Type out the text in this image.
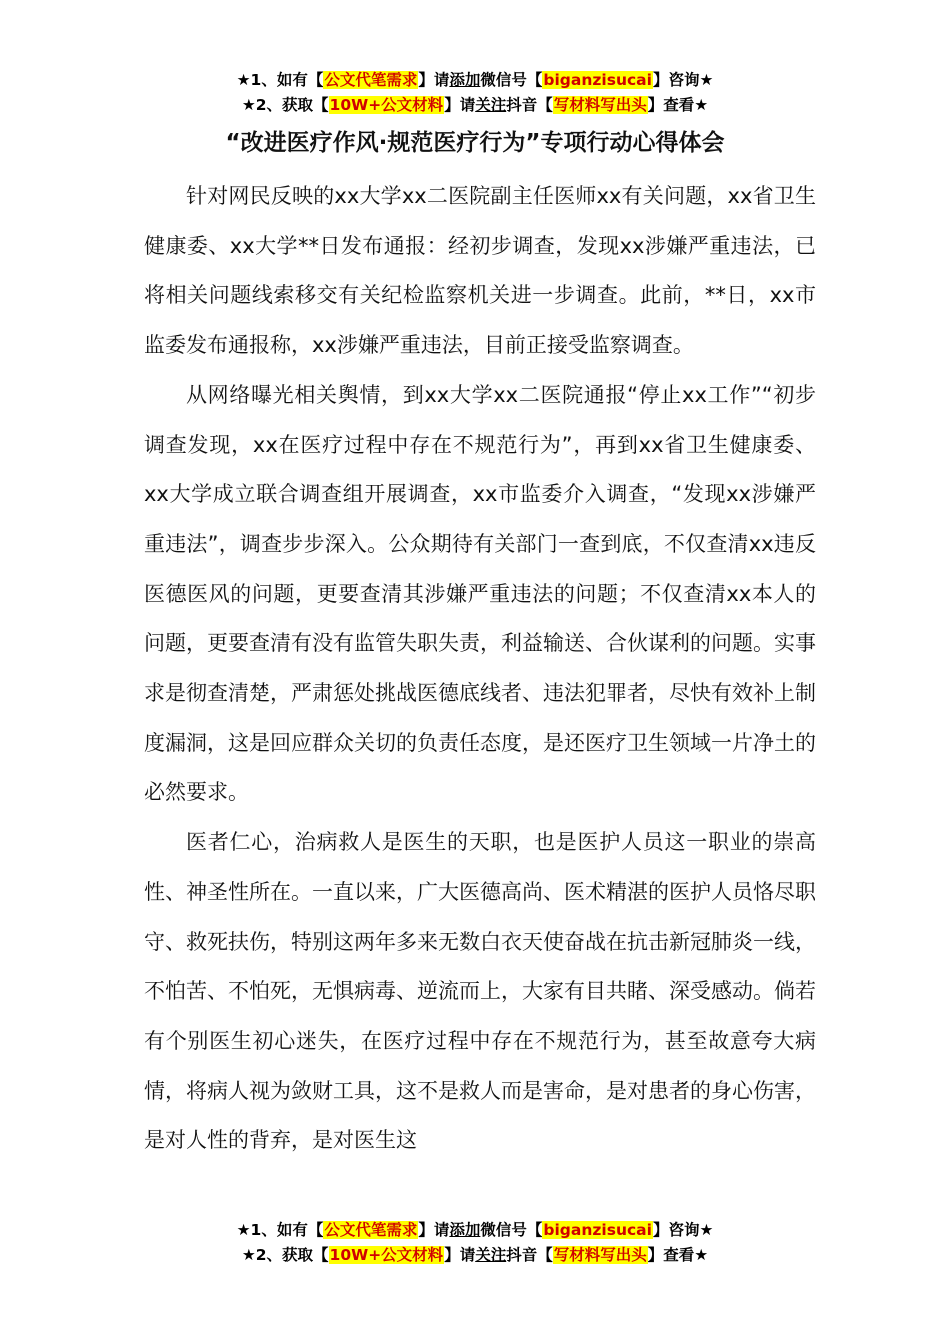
★1、如有【公文代笔需求】请添加微信号【biganzisucai】咨询★
★2、获取【10W+公文材料】请关注抖音【写材料写出头】查看★
“改进医疗作风·规范医疗行为”专项行动心得体会

针对网民反映的xx大学xx二医院副主任医师xx有关问题，xx省卫生健康委、xx大学**日发布通报：经初步调查，发现xx涉嫌严重违法，已将相关问题线索移交有关纪检监察机关进一步调查。此前，**日，xx市监委发布通报称，xx涉嫌严重违法，目前正接受监察调查。

从网络曝光相关舆情，到xx大学xx二医院通报“停止xx工作”“初步调查发现，xx在医疗过程中存在不规范行为”，再到xx省卫生健康委、xx大学成立联合调查组开展调查，xx市监委介入调查，“发现xx涉嫌严重违法”，调查步步深入。公众期待有关部门一查到底，不仅查清xx违反医德医风的问题，更要查清其涉嫌严重违法的问题；不仅查清xx本人的问题，更要查清有没有监管失职失责，利益输送、合伙谋利的问题。实事求是彻查清楚，严肃惩处挑战医德底线者、违法犯罪者，尽快有效补上制度漏洞，这是回应群众关切的负责任态度，是还医疗卫生领域一片净土的必然要求。

医者仁心，治病救人是医生的天职，也是医护人员这一职业的崇高性、神圣性所在。一直以来，广大医德高尚、医术精湛的医护人员恪尽职守、救死扶伤，特别这两年多来无数白衣天使奋战在抗击新冠肺炎一线，不怕苦、不怕死，无惧病毒、逆流而上，大家有目共睹、深受感动。倘若有个别医生初心迷失，在医疗过程中存在不规范行为，甚至故意夸大病情，将病人视为敛财工具，这不是救人而是害命，是对患者的身心伤害，是对人性的背弃，是对医生这

★1、如有【公文代笔需求】请添加微信号【biganzisucai】咨询★
★2、获取【10W+公文材料】请关注抖音【写材料写出头】查看★
